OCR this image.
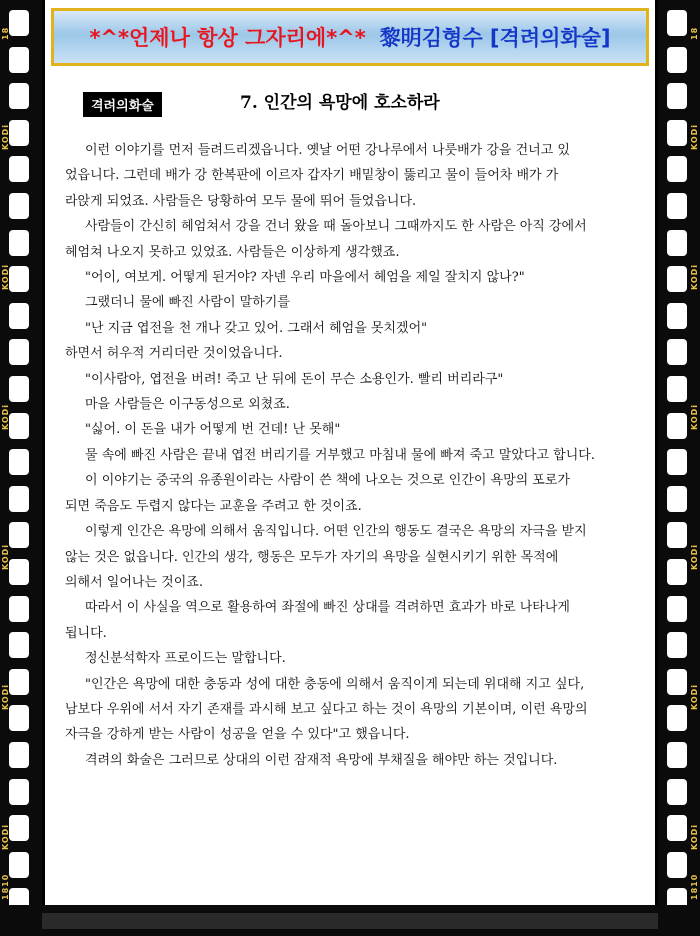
KODi
KODi
KODi
KODi
KODi
KODi
18
1810
KODi
KODi
KODi
KODi
KODi
KODi
18
1810
*^*언제나 항상 그자리에*^* 黎明김형수 [격려의화술]
격려의화술	7. 인간의 욕망에 호소하라

이런 이야기를 먼저 들려드리겠읍니다. 옛날 어떤 강나루에서 나룻배가 강을 건너고 있

었읍니다. 그런데 배가 강 한복판에 이르자 갑자기 배밑창이 뚫리고 물이 들어차 배가 가

라앉게 되었죠. 사람들은 당황하여 모두 물에 뛰어 들었읍니다.

사람들이 간신히 헤엄쳐서 강을 건너 왔을 때 돌아보니 그때까지도 한 사람은 아직 강에서

헤엄쳐 나오지 못하고 있었죠. 사람들은 이상하게 생각했죠.

"어이, 여보게. 어떻게 된거야? 자넨 우리 마을에서 헤엄을 제일 잘치지 않나?"

그랬더니 물에 빠진 사람이 말하기를

"난 지금 엽전을 천 개나 갖고 있어. 그래서 헤엄을 못치겠어"

하면서 허우적 거리더란 것이었읍니다.

"이사람아, 엽전을 버려! 죽고 난 뒤에 돈이 무슨 소용인가. 빨리 버리라구"

마을 사람들은 이구동성으로 외쳤죠.

"싫어. 이 돈을 내가 어떻게 번 건데! 난 못해"

물 속에 빠진 사람은 끝내 엽전 버리기를 거부했고 마침내 물에 빠져 죽고 말았다고 합니다.

이 이야기는 중국의 유종원이라는 사람이 쓴 책에 나오는 것으로 인간이 욕망의 포로가

되면 죽음도 두렵지 않다는 교훈을 주려고 한 것이죠.

이렇게 인간은 욕망에 의해서 움직입니다. 어떤 인간의 행동도 결국은 욕망의 자극을 받지

않는 것은 없읍니다. 인간의 생각, 행동은 모두가 자기의 욕망을 실현시키기 위한 목적에

의해서 일어나는 것이죠.

따라서 이 사실을 역으로 활용하여 좌절에 빠진 상대를 격려하면 효과가 바로 나타나게

됩니다.

정신분석학자 프로이드는 말합니다.

"인간은 욕망에 대한 충동과 성에 대한 충동에 의해서 움직이게 되는데 위대해 지고 싶다,

남보다 우위에 서서 자기 존재를 과시해 보고 싶다고 하는 것이 욕망의 기본이며, 이런 욕망의

자극을 강하게 받는 사람이 성공을 얻을 수 있다"고 했읍니다.

격려의 화술은 그러므로 상대의 이런 잠재적 욕망에 부채질을 해야만 하는 것입니다.
